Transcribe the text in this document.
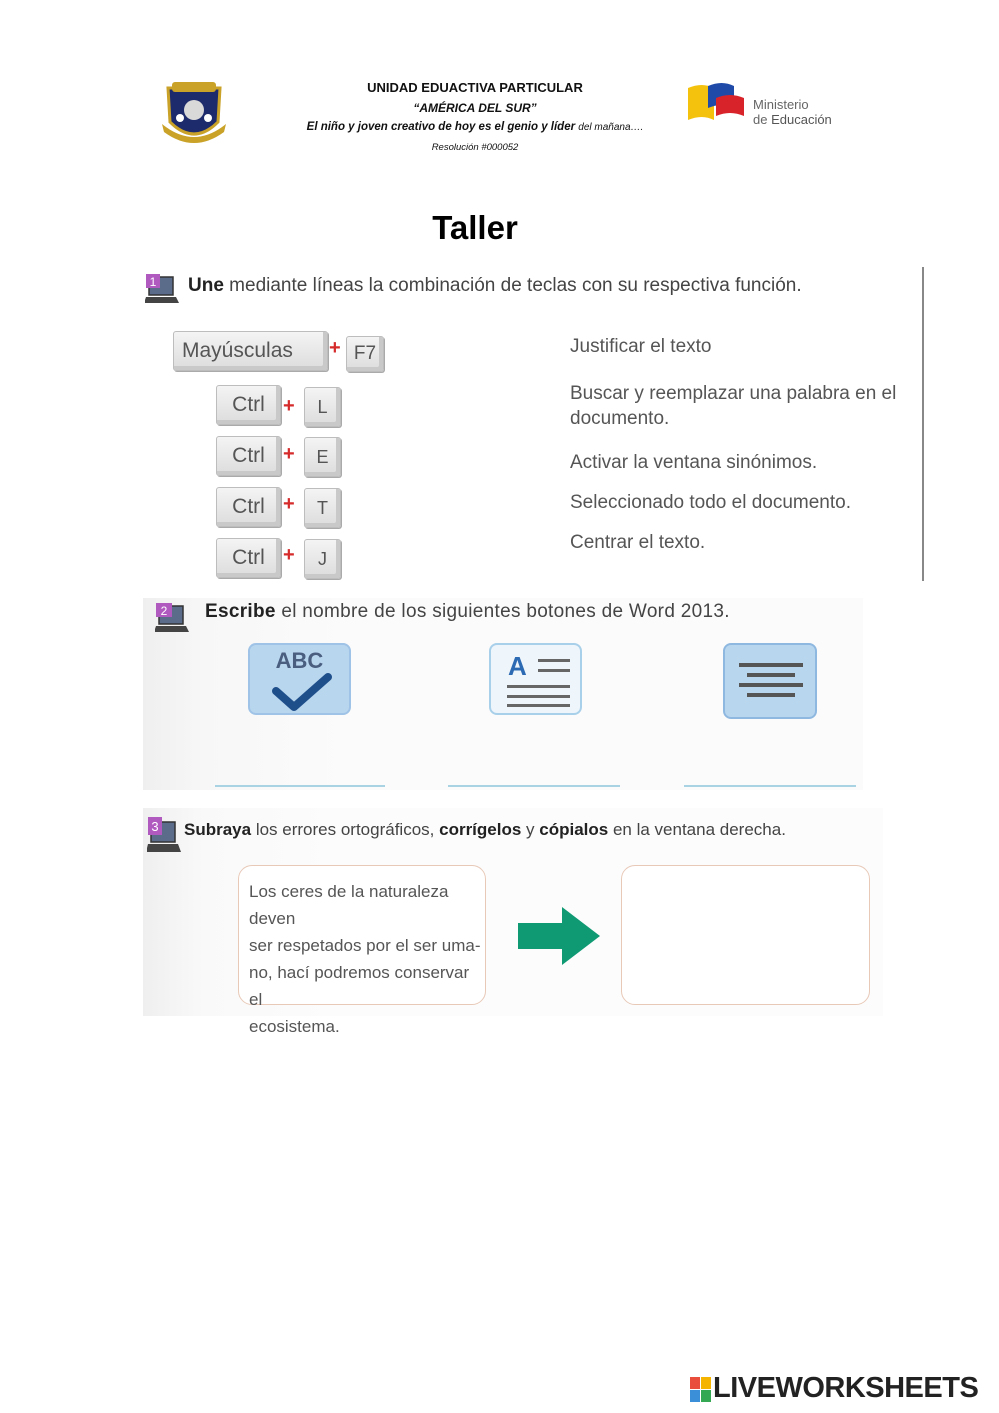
UNIDAD EDUACTIVA PARTICULAR
“AMÉRICA DEL SUR”
El niño y joven creativo de hoy es el genio y líder del mañana….
Resolución #000052
Ministerio
de Educación
Taller
1 Une mediante líneas la combinación de teclas con su respectiva función.
Mayúsculas	+ F7
Ctrl +	L
Ctrl +	E
Ctrl +	T
Ctrl +	J
Justificar el texto
Buscar y reemplazar una palabra en el documento.
Activar la ventana sinónimos.
Seleccionado todo el documento.
Centrar el texto.
2 Escribe el nombre de los siguientes botones de Word 2013.
ABC	A
3 Subraya los errores ortográficos, corrígelos y cópialos en la ventana derecha.
Los ceres de la naturaleza deven
ser respetados por el ser uma-
no, hací podremos conservar el
ecosistema.
LIVEWORKSHEETS
